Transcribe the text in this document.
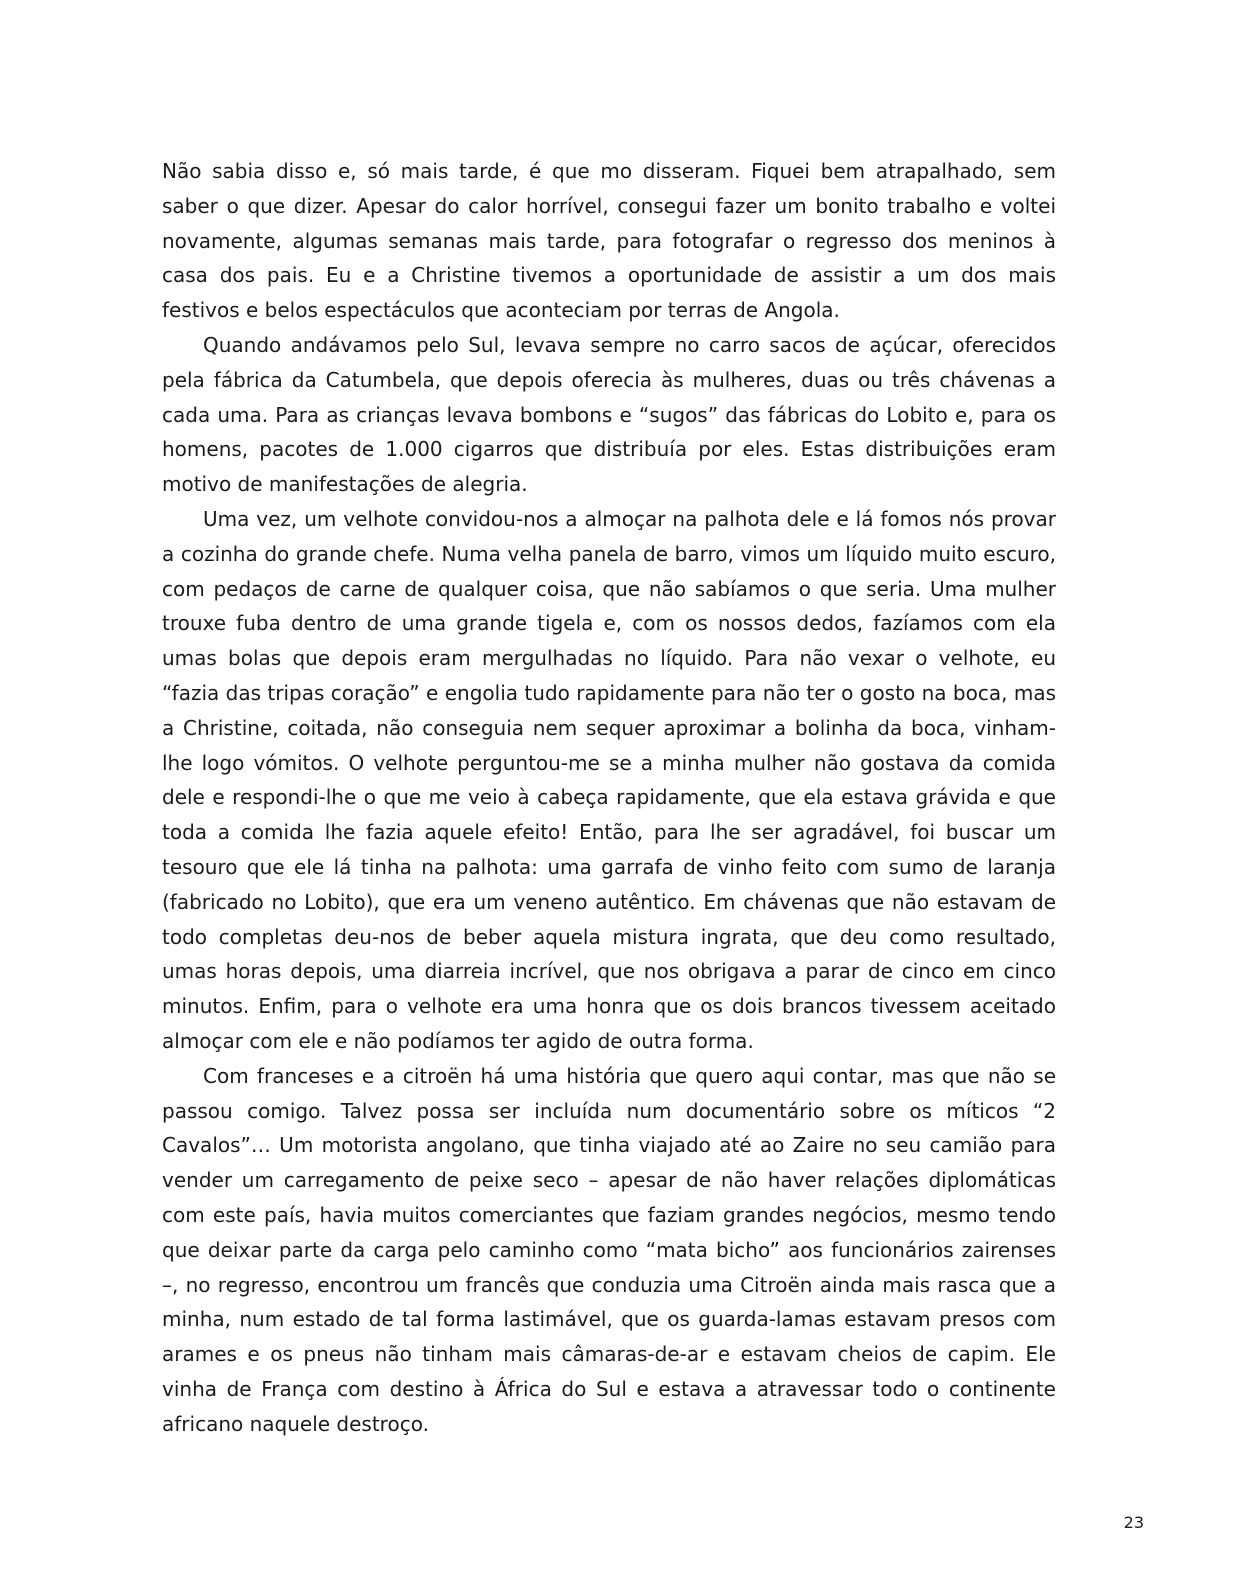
Não sabia disso e, só mais tarde, é que mo disseram. Fiquei bem atrapalhado, sem saber o que dizer. Apesar do calor horrível, consegui fazer um bonito trabalho e voltei novamente, algumas semanas mais tarde, para fotografar o regresso dos meninos à casa dos pais. Eu e a Christine tivemos a oportunidade de assistir a um dos mais festivos e belos espectáculos que aconteciam por terras de Angola.

Quando andávamos pelo Sul, levava sempre no carro sacos de açúcar, oferecidos pela fábrica da Catumbela, que depois oferecia às mulheres, duas ou três chávenas a cada uma. Para as crianças levava bombons e “sugos” das fábricas do Lobito e, para os homens, pacotes de 1.000 cigarros que distribuía por eles. Estas distribuições eram motivo de manifestações de alegria.

Uma vez, um velhote convidou-nos a almoçar na palhota dele e lá fomos nós provar a cozinha do grande chefe. Numa velha panela de barro, vimos um líquido muito escuro, com pedaços de carne de qualquer coisa, que não sabíamos o que seria. Uma mulher trouxe fuba dentro de uma grande tigela e, com os nossos dedos, fazíamos com ela umas bolas que depois eram mergulhadas no líquido. Para não vexar o velhote, eu “fazia das tripas coração” e engolia tudo rapidamente para não ter o gosto na boca, mas a Christine, coitada, não conseguia nem sequer aproximar a bolinha da boca, vinham-lhe logo vómitos. O velhote perguntou-me se a minha mulher não gostava da comida dele e respondi-lhe o que me veio à cabeça rapidamente, que ela estava grávida e que toda a comida lhe fazia aquele efeito! Então, para lhe ser agradável, foi buscar um tesouro que ele lá tinha na palhota: uma garrafa de vinho feito com sumo de laranja (fabricado no Lobito), que era um veneno autêntico. Em chávenas que não estavam de todo completas deu-nos de beber aquela mistura ingrata, que deu como resultado, umas horas depois, uma diarreia incrível, que nos obrigava a parar de cinco em cinco minutos. Enfim, para o velhote era uma honra que os dois brancos tivessem aceitado almoçar com ele e não podíamos ter agido de outra forma.

Com franceses e a citroën há uma história que quero aqui contar, mas que não se passou comigo. Talvez possa ser incluída num documentário sobre os míticos “2 Cavalos”… Um motorista angolano, que tinha viajado até ao Zaire no seu camião para vender um carregamento de peixe seco – apesar de não haver relações diplomáticas com este país, havia muitos comerciantes que faziam grandes negócios, mesmo tendo que deixar parte da carga pelo caminho como “mata bicho” aos funcionários zairenses –, no regresso, encontrou um francês que conduzia uma Citroën ainda mais rasca que a minha, num estado de tal forma lastimável, que os guarda-lamas estavam presos com arames e os pneus não tinham mais câmaras-de-ar e estavam cheios de capim. Ele vinha de França com destino à África do Sul e estava a atravessar todo o continente africano naquele destroço.

23
